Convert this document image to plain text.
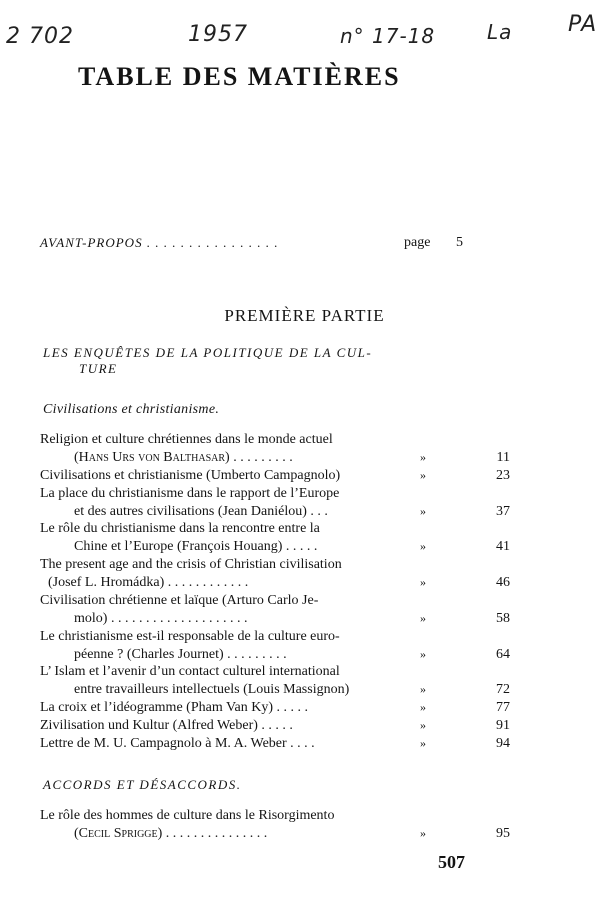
2 702	1957	n° 17-18	La	PA
TABLE DES MATIÈRES
AVANT-PROPOS . . . . . . . . . . . . . . . .	page	5
PREMIÈRE PARTIE
LES ENQUÊTES DE LA POLITIQUE DE LA CUL-
TURE
Civilisations et christianisme.
Religion et culture chrétiennes dans le monde actuel
(Hans Urs von Balthasar) . . . . . . . . .	»	11
Civilisations et christianisme (Umberto Campagnolo)	»	23
La place du christianisme dans le rapport de l’Europe
et des autres civilisations (Jean Daniélou) . . .	»	37
Le rôle du christianisme dans la rencontre entre la
Chine et l’Europe (François Houang) . . . . .	»	41
The present age and the crisis of Christian civilisation
(Josef L. Hromádka) . . . . . . . . . . . .	»	46
Civilisation chrétienne et laïque (Arturo Carlo Je-
molo) . . . . . . . . . . . . . . . . . . . .	»	58
Le christianisme est-il responsable de la culture euro-
péenne ? (Charles Journet) . . . . . . . . .	»	64
L’ Islam et l’avenir d’un contact culturel international
entre travailleurs intellectuels (Louis Massignon)	»	72
La croix et l’idéogramme (Pham Van Ky) . . . . .	»	77
Zivilisation und Kultur (Alfred Weber) . . . . .	»	91
Lettre de M. U. Campagnolo à M. A. Weber . . . .	»	94
ACCORDS ET DÉSACCORDS.
Le rôle des hommes de culture dans le Risorgimento
(Cecil Sprigge) . . . . . . . . . . . . . . .	»	95
507
